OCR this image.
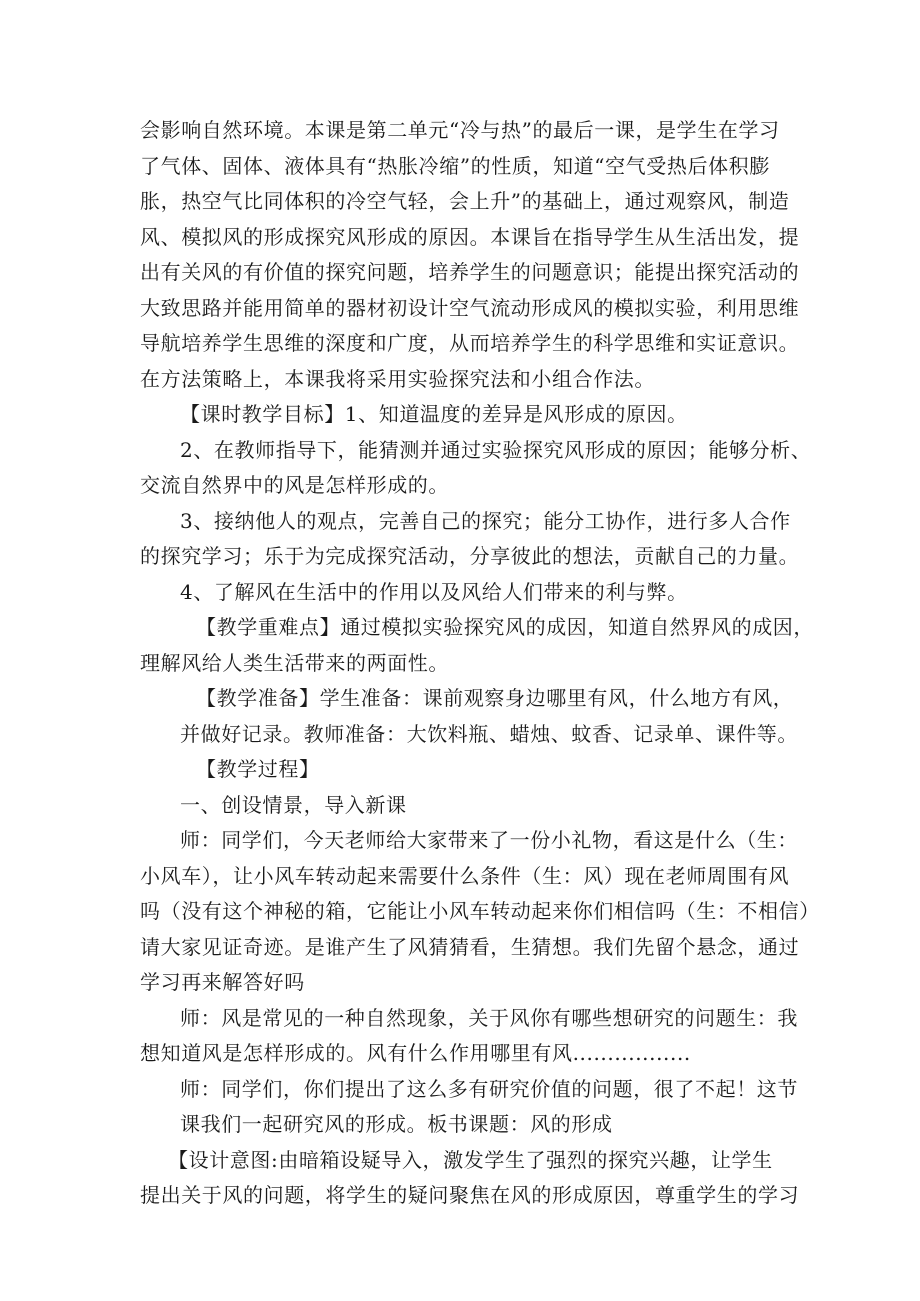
会影响自然环境。本课是第二单元“冷与热”的最后一课，是学生在学习
了气体、固体、液体具有“热胀冷缩”的性质，知道“空气受热后体积膨
胀，热空气比同体积的冷空气轻，会上升”的基础上，通过观察风，制造
风、模拟风的形成探究风形成的原因。本课旨在指导学生从生活出发，提
出有关风的有价值的探究问题，培养学生的问题意识；能提出探究活动的
大致思路并能用简单的器材初设计空气流动形成风的模拟实验，利用思维
导航培养学生思维的深度和广度，从而培养学生的科学思维和实证意识。
在方法策略上，本课我将采用实验探究法和小组合作法。
【课时教学目标】1、知道温度的差异是风形成的原因。
2、在教师指导下，能猜测并通过实验探究风形成的原因；能够分析、
交流自然界中的风是怎样形成的。
3、接纳他人的观点，完善自己的探究；能分工协作，进行多人合作
的探究学习；乐于为完成探究活动，分享彼此的想法，贡献自己的力量。
4、了解风在生活中的作用以及风给人们带来的利与弊。
【教学重难点】通过模拟实验探究风的成因，知道自然界风的成因，
理解风给人类生活带来的两面性。
【教学准备】学生准备：课前观察身边哪里有风，什么地方有风，
并做好记录。教师准备：大饮料瓶、蜡烛、蚊香、记录单、课件等。
【教学过程】
一、创设情景，导入新课
师：同学们，今天老师给大家带来了一份小礼物，看这是什么（生：
小风车），让小风车转动起来需要什么条件（生：风）现在老师周围有风
吗（没有这个神秘的箱，它能让小风车转动起来你们相信吗（生：不相信）
请大家见证奇迹。是谁产生了风猜猜看，生猜想。我们先留个悬念，通过
学习再来解答好吗
师：风是常见的一种自然现象，关于风你有哪些想研究的问题生：我
想知道风是怎样形成的。风有什么作用哪里有风.................
师：同学们，你们提出了这么多有研究价值的问题，很了不起！这节
课我们一起研究风的形成。板书课题：风的形成
【设计意图:由暗箱设疑导入，激发学生了强烈的探究兴趣，让学生
提出关于风的问题，将学生的疑问聚焦在风的形成原因，尊重学生的学习
